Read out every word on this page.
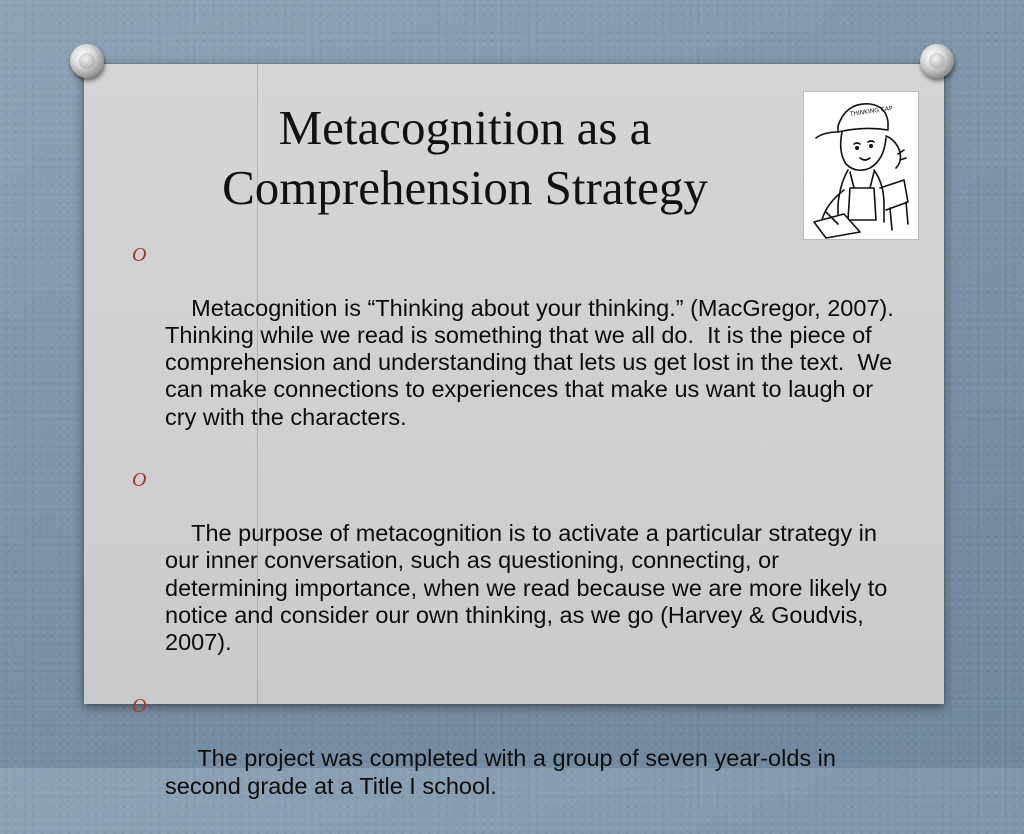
Metacognition as a
Comprehension Strategy
THINKING CAP

O

Metacognition is “Thinking about your thinking.” (MacGregor, 2007).  Thinking while we read is something that we all do.  It is the piece of comprehension and understanding that lets us get lost in the text.  We can make connections to experiences that make us want to laugh or cry with the characters.

O

The purpose of metacognition is to activate a particular strategy in our inner conversation, such as questioning, connecting, or determining importance, when we read because we are more likely to notice and consider our own thinking, as we go (Harvey & Goudvis, 2007).

O

The project was completed with a group of seven year-olds in second grade at a Title I school.
